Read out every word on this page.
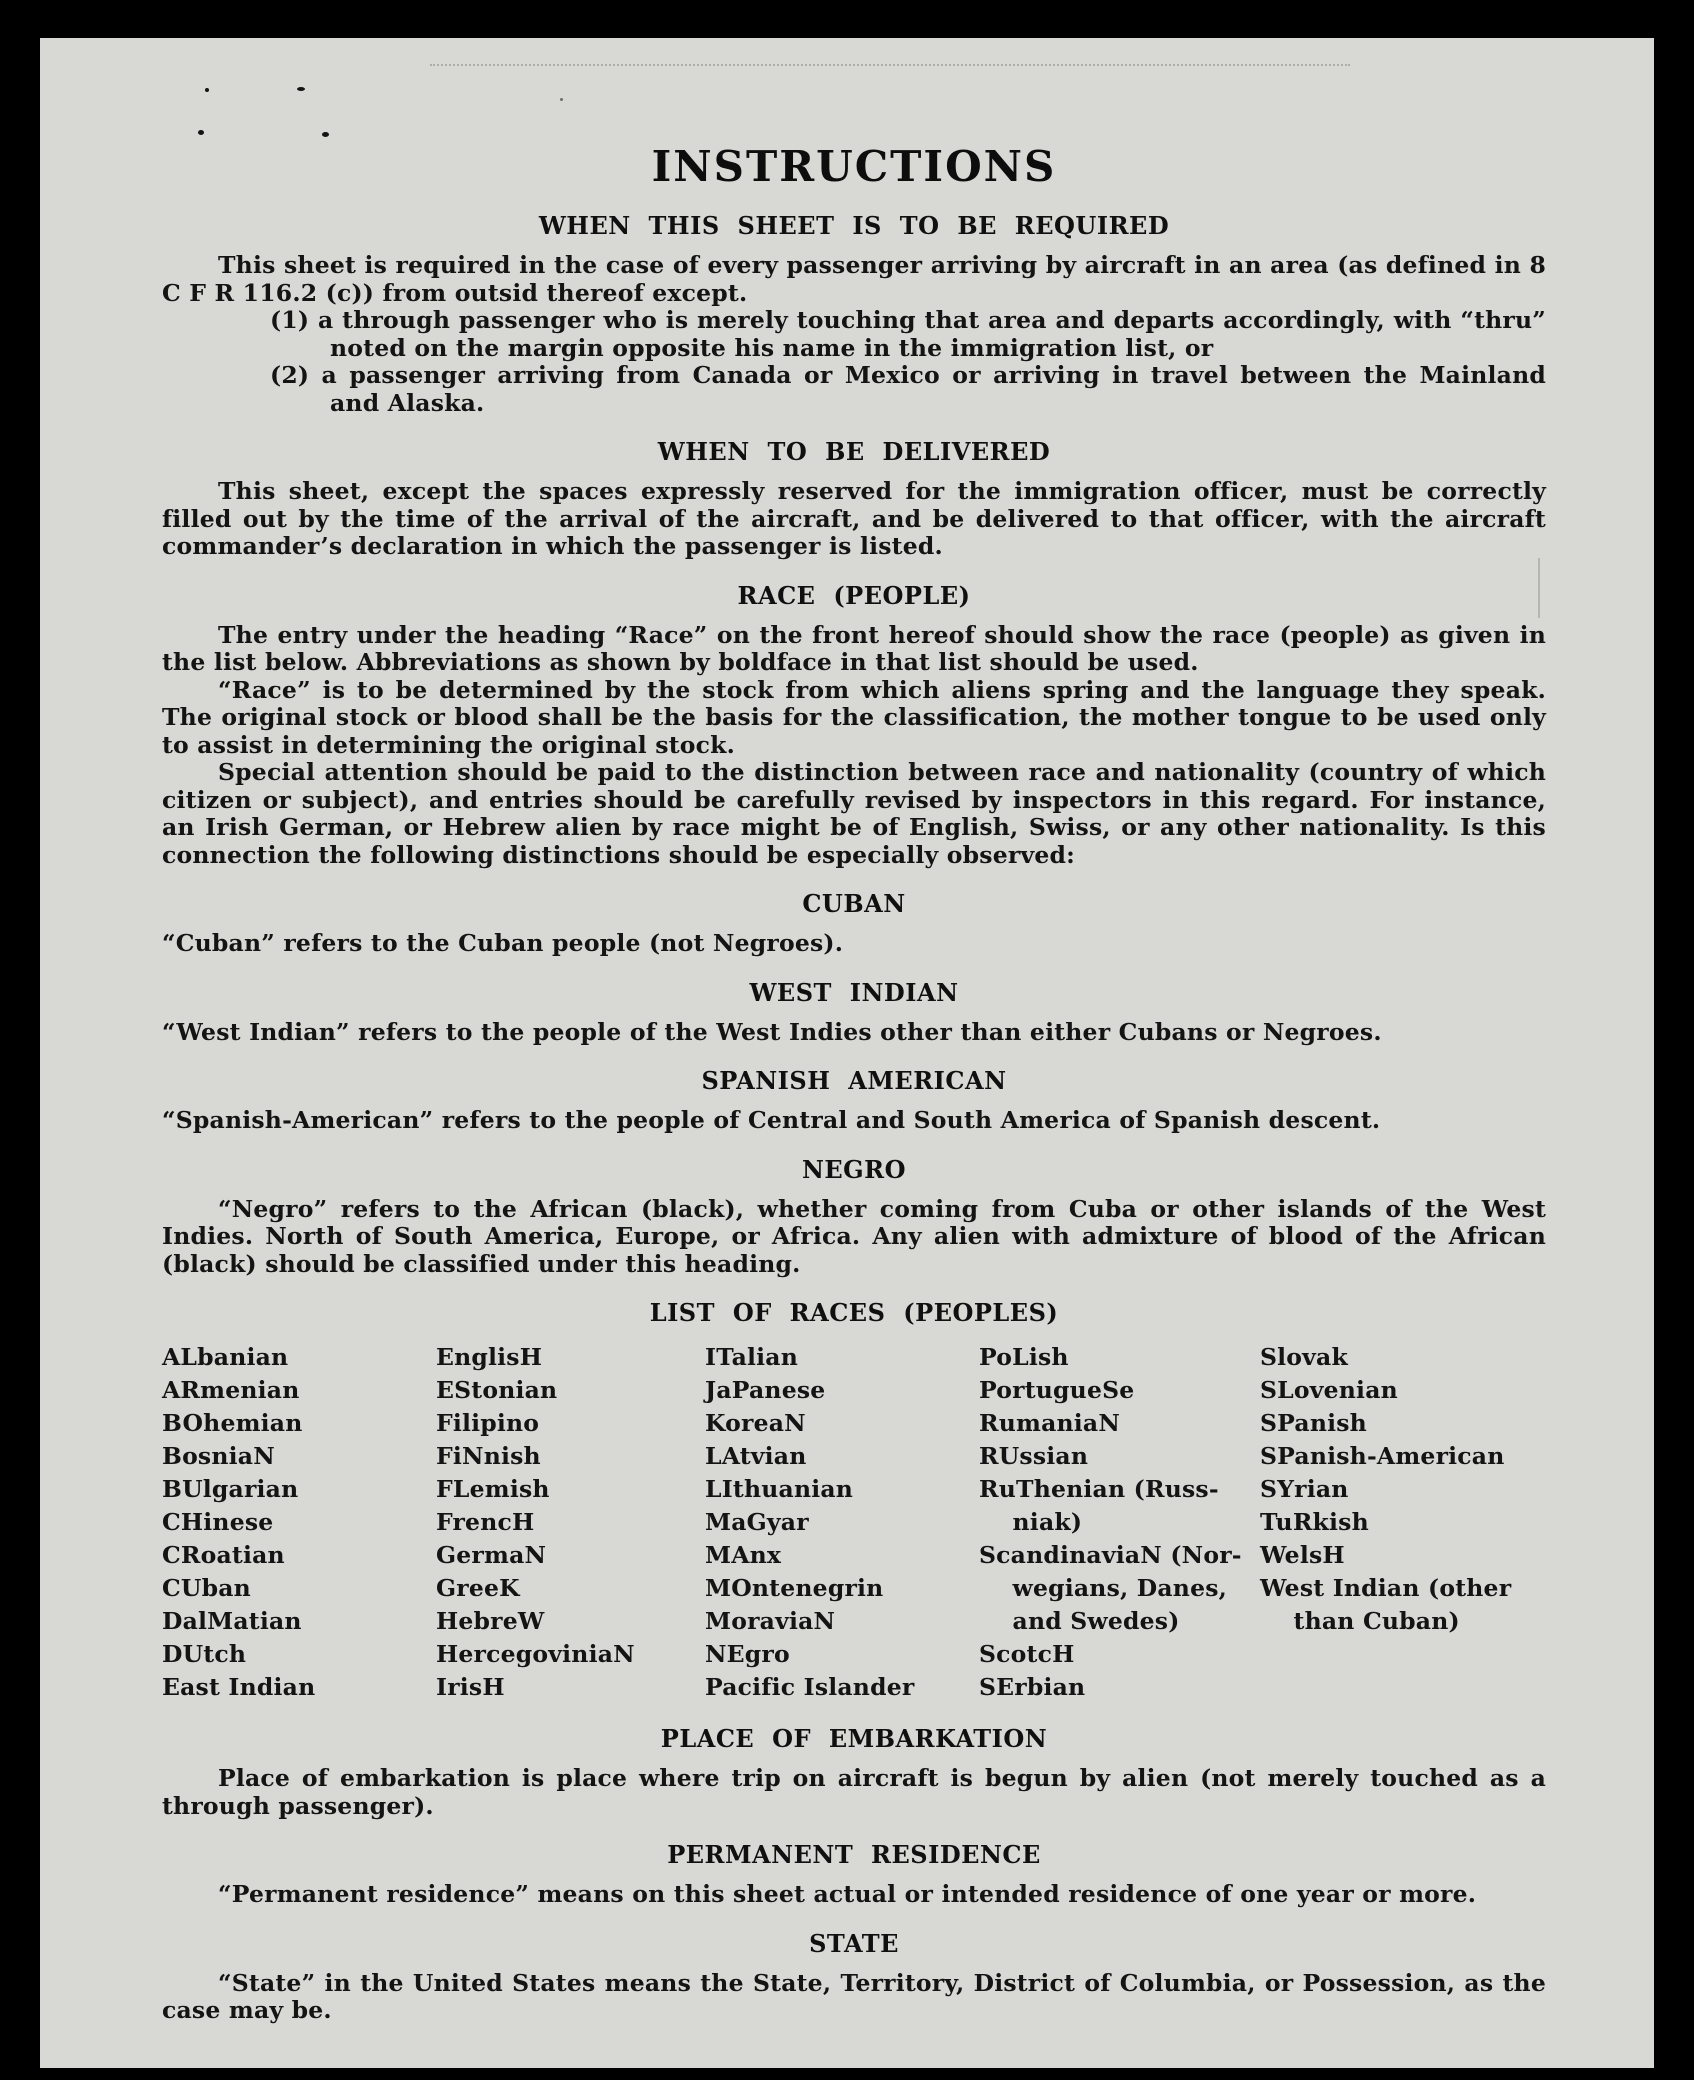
INSTRUCTIONS
WHEN THIS SHEET IS TO BE REQUIRED

This sheet is required in the case of every passenger arriving by aircraft in an area (as defined in 8 C F R 116.2 (c)) from outsid thereof except.

(1) a through passenger who is merely touching that area and departs accordingly, with “thru” noted on the margin opposite his name in the immigration list, or

(2) a passenger arriving from Canada or Mexico or arriving in travel between the Mainland and Alaska.

WHEN TO BE DELIVERED

This sheet, except the spaces expressly reserved for the immigration officer, must be correctly filled out by the time of the arrival of the aircraft, and be delivered to that officer, with the aircraft commander’s declaration in which the passenger is listed.

RACE (PEOPLE)

The entry under the heading “Race” on the front hereof should show the race (people) as given in the list below. Abbreviations as shown by boldface in that list should be used.

“Race” is to be determined by the stock from which aliens spring and the language they speak. The original stock or blood shall be the basis for the classification, the mother tongue to be used only to assist in determining the original stock.

Special attention should be paid to the distinction between race and nationality (country of which citizen or subject), and entries should be carefully revised by inspectors in this regard. For instance, an Irish German, or Hebrew alien by race might be of English, Swiss, or any other nationality. Is this connection the following distinctions should be especially observed:

CUBAN

“Cuban” refers to the Cuban people (not Negroes).

WEST INDIAN

“West Indian” refers to the people of the West Indies other than either Cubans or Negroes.

SPANISH AMERICAN

“Spanish-American” refers to the people of Central and South America of Spanish descent.

NEGRO

“Negro” refers to the African (black), whether coming from Cuba or other islands of the West Indies. North of South America, Europe, or Africa. Any alien with admixture of blood of the African (black) should be classified under this heading.

LIST OF RACES (PEOPLES)
ALbanian
ARmenian
BOhemian
BosniaN
BUlgarian
CHinese
CRoatian
CUban
DalMatian
DUtch
East Indian
EnglisH
EStonian
Filipino
FiNnish
FLemish
FrencH
GermaN
GreeK
HebreW
HercegoviniaN
IrisH
ITalian
JaPanese
KoreaN
LAtvian
LIthuanian
MaGyar
MAnx
MOntenegrin
MoraviaN
NEgro
Pacific Islander
PoLish
PortugueSe
RumaniaN
RUssian
RuThenian (Russ-
niak)
ScandinaviaN (Nor-
wegians, Danes,
and Swedes)
ScotcH
SErbian
Slovak
SLovenian
SPanish
SPanish-American
SYrian
TuRkish
WelsH
West Indian (other
than Cuban)
PLACE OF EMBARKATION

Place of embarkation is place where trip on aircraft is begun by alien (not merely touched as a through passenger).

PERMANENT RESIDENCE

“Permanent residence” means on this sheet actual or intended residence of one year or more.

STATE

“State” in the United States means the State, Territory, District of Columbia, or Possession, as the case may be.
